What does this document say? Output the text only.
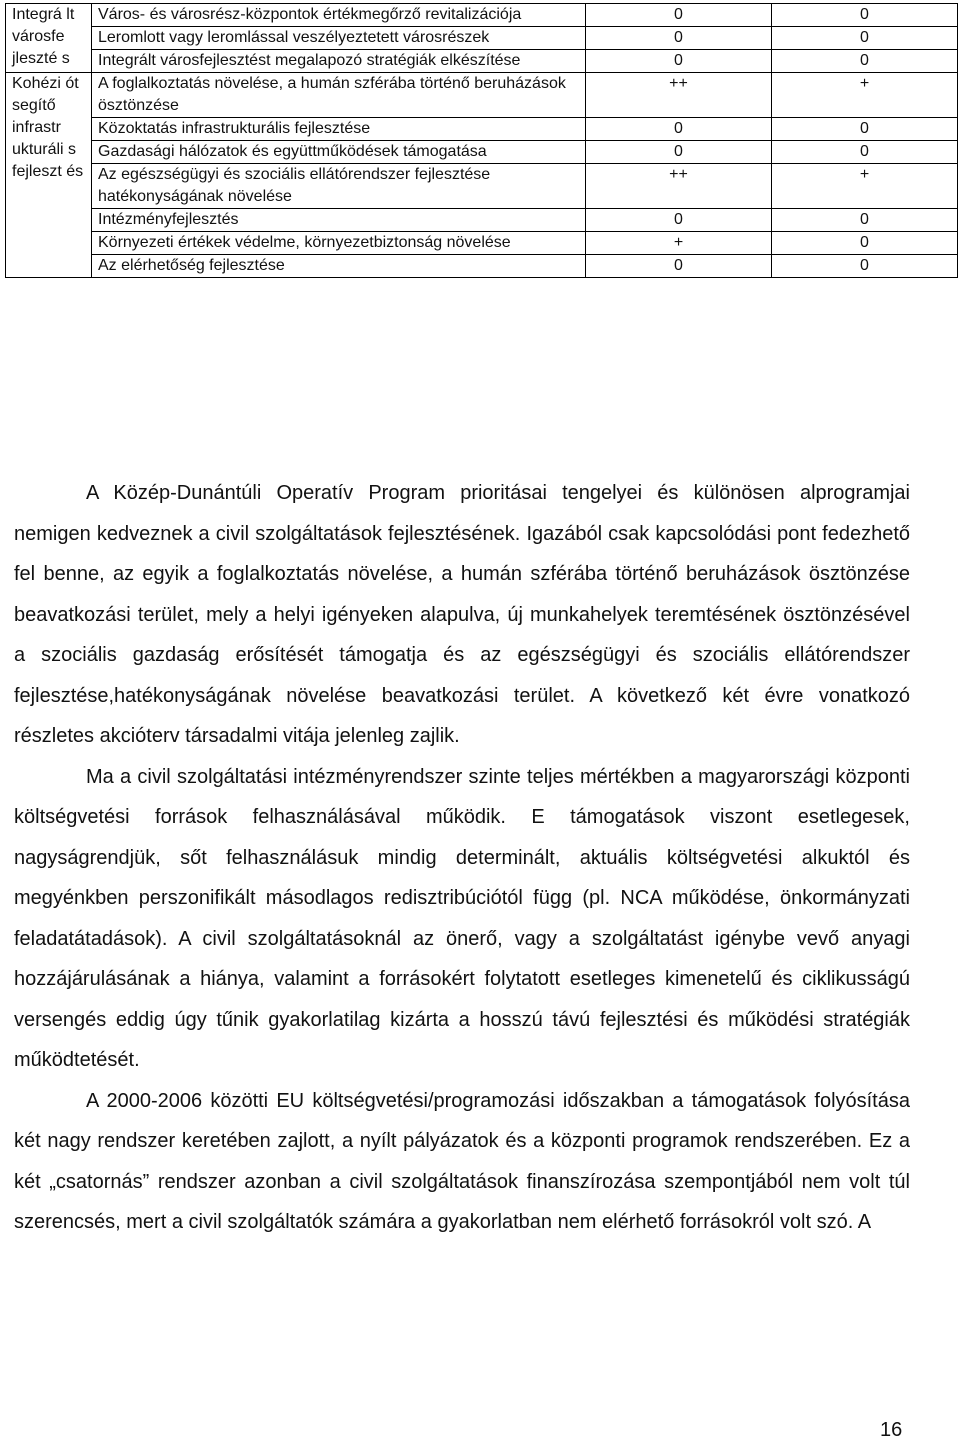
Integrá lt városfe jleszté s	Város- és városrész-központok értékmegőrző revitalizációja	0	0
	Leromlott vagy leromlással veszélyeztetett városrészek	0	0
	Integrált városfejlesztést megalapozó stratégiák elkészítése	0	0
Kohézi ót segítő infrastr ukturáli s fejleszt és	A foglalkoztatás növelése, a humán szférába történő beruházások ösztönzése	++	+
	Közoktatás infrastrukturális fejlesztése	0	0
	Gazdasági hálózatok és együttműködések támogatása	0	0
	Az egészségügyi és szociális ellátórendszer fejlesztése hatékonyságának növelése	++	+
	Intézményfejlesztés	0	0
	Környezeti értékek védelme, környezetbiztonság növelése	+	0
	Az elérhetőség fejlesztése	0	0

A Közép-Dunántúli Operatív Program prioritásai tengelyei és különösen alprogramjai nemigen kedveznek a civil szolgáltatások fejlesztésének. Igazából csak kapcsolódási pont fedezhető fel benne, az egyik a foglalkoztatás növelése, a humán szférába történő beruházások ösztönzése beavatkozási terület, mely a helyi igényeken alapulva, új munkahelyek teremtésének ösztönzésével a szociális gazdaság erősítését támogatja és az egészségügyi és szociális ellátórendszer fejlesztése,hatékonyságának növelése beavatkozási terület. A következő két évre vonatkozó részletes akcióterv társadalmi vitája jelenleg zajlik.

Ma a civil szolgáltatási intézményrendszer szinte teljes mértékben a magyarországi központi költségvetési források felhasználásával működik. E támogatások viszont esetlegesek, nagyságrendjük, sőt felhasználásuk mindig determinált, aktuális költségvetési alkuktól és megyénkben perszonifikált másodlagos redisztribúciótól függ (pl. NCA működése, önkormányzati feladatátadások). A civil szolgáltatásoknál az önerő, vagy a szolgáltatást igénybe vevő anyagi hozzájárulásának a hiánya, valamint a forrásokért folytatott esetleges kimenetelű és ciklikusságú versengés eddig úgy tűnik gyakorlatilag kizárta a hosszú távú fejlesztési és működési stratégiák működtetését.

A 2000-2006 közötti EU költségvetési/programozási időszakban a támogatások folyósítása két nagy rendszer keretében zajlott, a nyílt pályázatok és a központi programok rendszerében. Ez a két „csatornás” rendszer azonban a civil szolgáltatások finanszírozása szempontjából nem volt túl szerencsés, mert a civil szolgáltatók számára a gyakorlatban nem elérhető forrásokról volt szó. A

16
